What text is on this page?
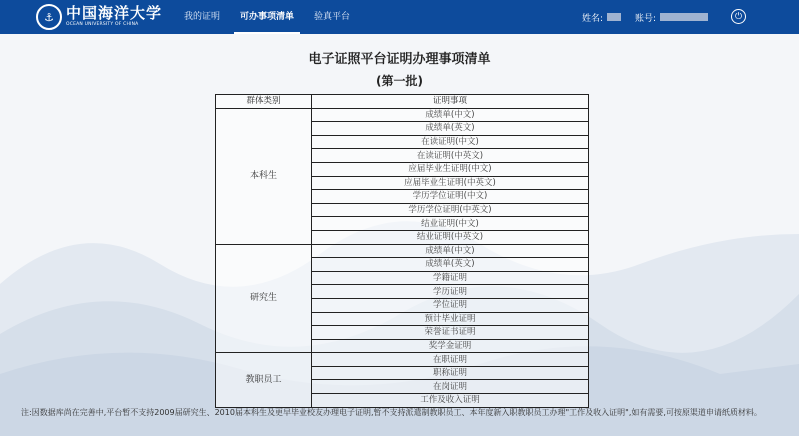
⚓ 中国海洋大学
OCEAN UNIVERSITY OF CHINA
我的证明	可办事项清单	验真平台	姓名:	账号:	⏻
电子证照平台证明办理事项清单
(第一批)
群体类别	证明事项
本科生	成绩单(中文)
	成绩单(英文)
	在读证明(中文)
	在读证明(中英文)
	应届毕业生证明(中文)
	应届毕业生证明(中英文)
	学历学位证明(中文)
	学历学位证明(中英文)
	结业证明(中文)
	结业证明(中英文)
研究生	成绩单(中文)
	成绩单(英文)
	学籍证明
	学历证明
	学位证明
	预计毕业证明
	荣誉证书证明
	奖学金证明
教职员工	在职证明
	职称证明
	在岗证明
	工作及收入证明
注:因数据库尚在完善中,平台暂不支持2009届研究生、2010届本科生及更早毕业校友办理电子证明,暂不支持派遣制教职员工、本年度新入职教职员工办理"工作及收入证明",如有需要,可按原渠道申请纸质材料。
